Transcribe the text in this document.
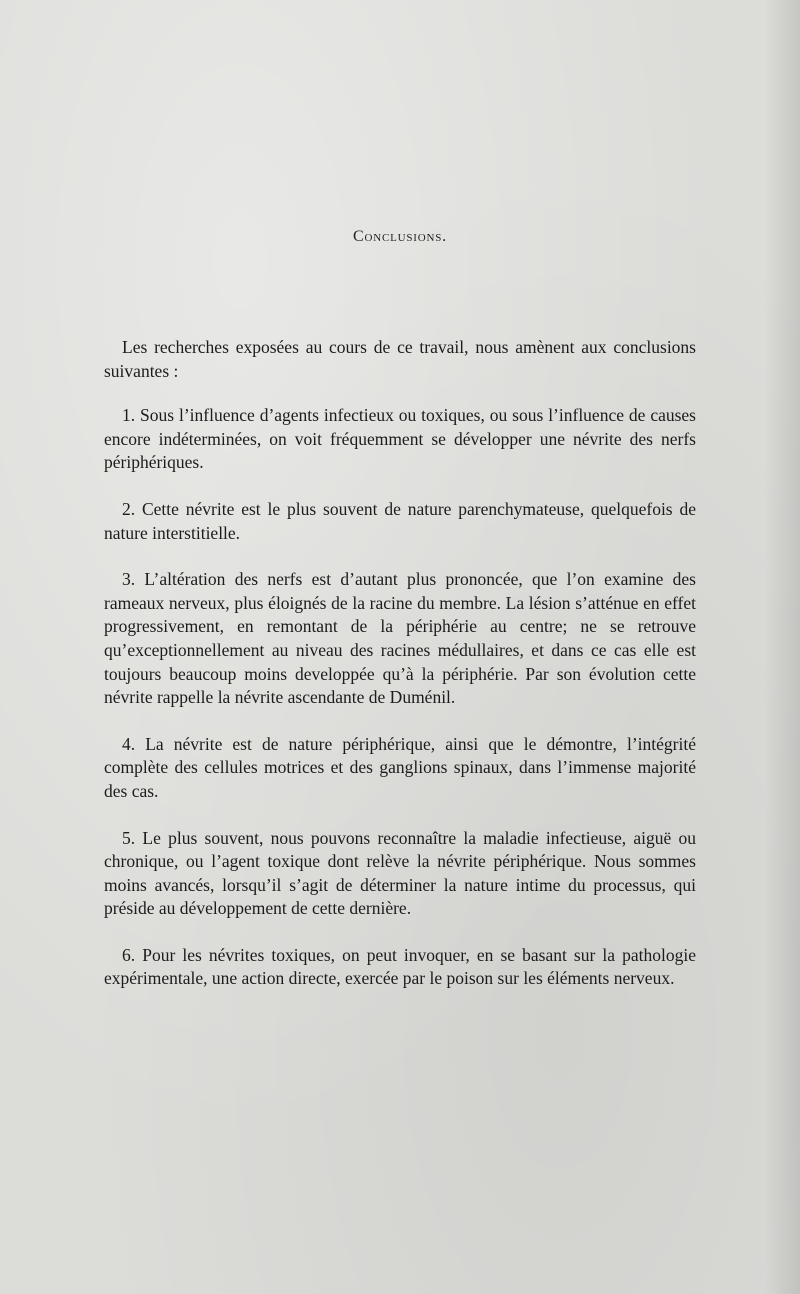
Conclusions.

Les recherches exposées au cours de ce travail, nous amènent aux conclusions suivantes :

1. Sous l’influence d’agents infectieux ou toxiques, ou sous l’influence de causes encore indéterminées, on voit fréquemment se développer une névrite des nerfs périphériques.

2. Cette névrite est le plus souvent de nature parenchymateuse, quelquefois de nature interstitielle.

3. L’altération des nerfs est d’autant plus prononcée, que l’on examine des rameaux nerveux, plus éloignés de la racine du membre. La lésion s’atténue en effet progressivement, en remontant de la périphérie au centre; ne se retrouve qu’exceptionnellement au niveau des racines médullaires, et dans ce cas elle est toujours beaucoup moins developpée qu’à la périphérie. Par son évolution cette névrite rappelle la névrite ascendante de Duménil.

4. La névrite est de nature périphérique, ainsi que le démontre, l’intégrité complète des cellules motrices et des ganglions spinaux, dans l’immense majorité des cas.

5. Le plus souvent, nous pouvons reconnaître la maladie infectieuse, aiguë ou chronique, ou l’agent toxique dont relève la névrite périphérique. Nous sommes moins avancés, lorsqu’il s’agit de déterminer la nature intime du processus, qui préside au développement de cette dernière.

6. Pour les névrites toxiques, on peut invoquer, en se basant sur la pathologie expérimentale, une action directe, exercée par le poison sur les éléments nerveux.
